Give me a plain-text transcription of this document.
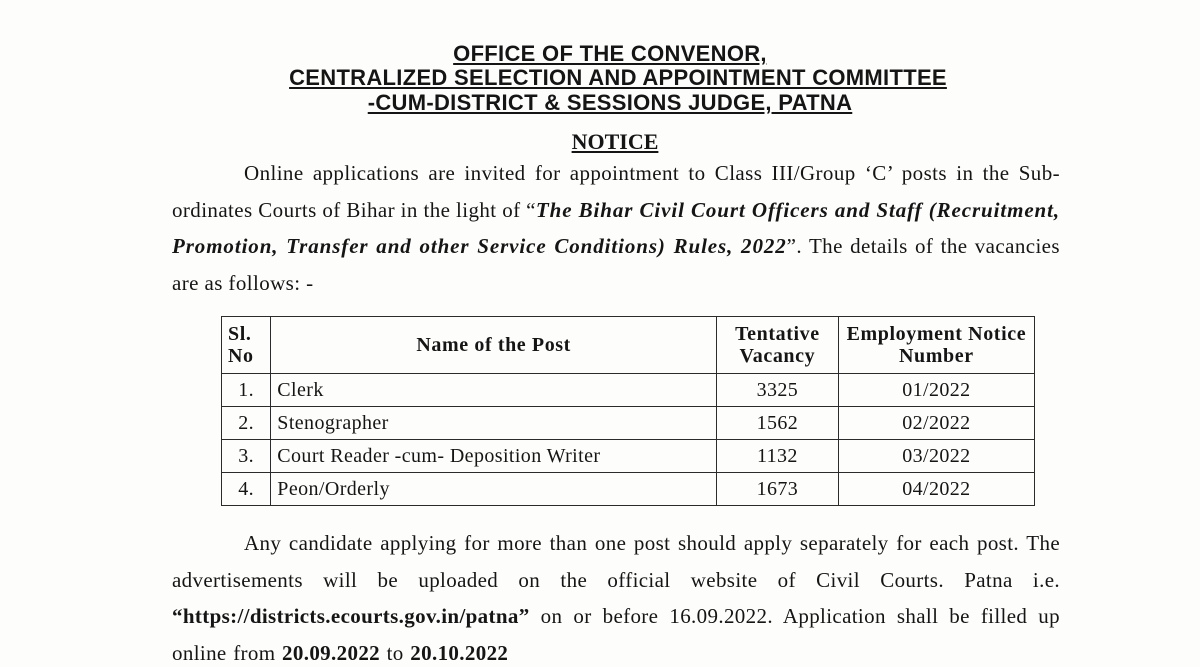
OFFICE OF THE CONVENOR,
CENTRALIZED SELECTION AND APPOINTMENT COMMITTEE
-CUM-DISTRICT & SESSIONS JUDGE, PATNA
NOTICE
Online applications are invited for appointment to Class III/Group ‘C’ posts in the Sub-ordinates Courts of Bihar in the light of “The Bihar Civil Court Officers and Staff (Recruitment, Promotion, Transfer and other Service Conditions) Rules, 2022”. The details of the vacancies are as follows: -
Sl. No	Name of the Post	Tentative Vacancy	Employment Notice Number
1.	Clerk	3325	01/2022
2.	Stenographer	1562	02/2022
3.	Court Reader -cum- Deposition Writer	1132	03/2022
4.	Peon/Orderly	1673	04/2022
Any candidate applying for more than one post should apply separately for each post. The advertisements will be uploaded on the official website of Civil Courts. Patna i.e. “https://districts.ecourts.gov.in/patna” on or before 16.09.2022. Application shall be filled up online from 20.09.2022 to 20.10.2022
